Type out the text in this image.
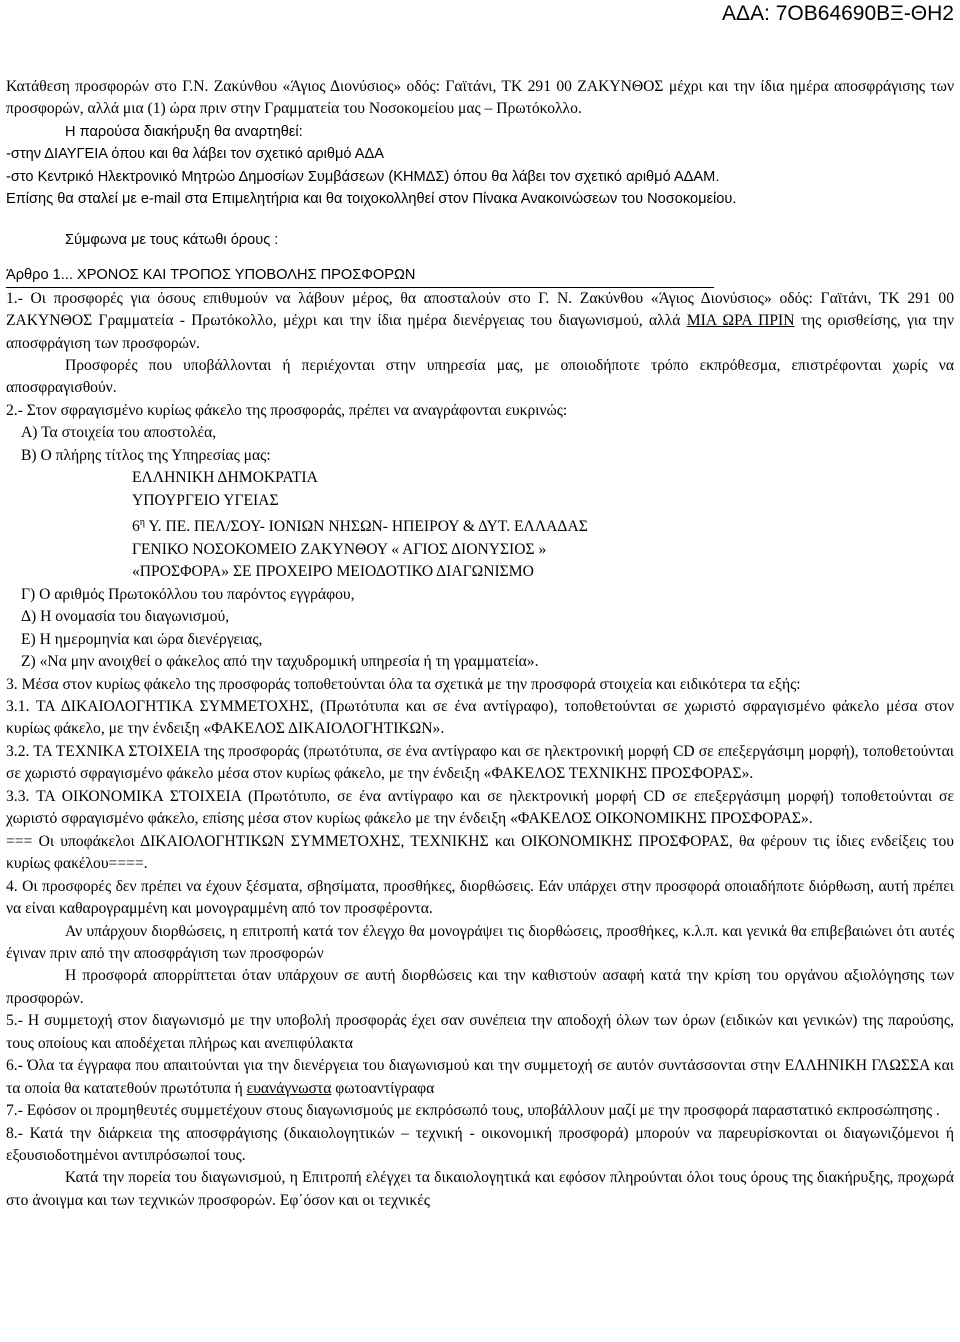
ΑΔΑ: 7ΟΒ64690ΒΞ-ΘΗ2

Κατάθεση προσφορών στο Γ.Ν. Ζακύνθου «Άγιος Διονύσιος» οδός: Γαϊτάνι, ΤΚ 291 00 ΖΑΚΥΝΘΟΣ μέχρι και την ίδια ημέρα αποσφράγισης των προσφορών, αλλά μια (1) ώρα πριν στην Γραμματεία του Νοσοκομείου μας – Πρωτόκολλο.

Η παρούσα διακήρυξη θα αναρτηθεί:

-στην ΔΙΑΥΓΕΙΑ όπου και θα λάβει τον σχετικό αριθμό ΑΔΑ

-στο Κεντρικό Ηλεκτρονικό Μητρώο Δημοσίων Συμβάσεων (ΚΗΜΔΣ) όπου θα λάβει τον σχετικό αριθμό ΑΔΑΜ.

Επίσης θα σταλεί με e-mail στα Επιμελητήρια και θα τοιχοκολληθεί στον Πίνακα Ανακοινώσεων του Νοσοκομείου.

Σύμφωνα με τους κάτωθι όρους :

Άρθρο 1... ΧΡΟΝΟΣ ΚΑΙ ΤΡΟΠΟΣ ΥΠΟΒΟΛΗΣ ΠΡΟΣΦΟΡΩΝ

1.- Οι προσφορές για όσους επιθυμούν να λάβουν μέρος, θα αποσταλούν στο Γ. Ν. Ζακύνθου «Άγιος Διονύσιος» οδός: Γαϊτάνι, ΤΚ 291 00 ΖΑΚΥΝΘΟΣ Γραμματεία - Πρωτόκολλο, μέχρι και την ίδια ημέρα διενέργειας του διαγωνισμού, αλλά ΜΙΑ ΩΡΑ ΠΡΙΝ της ορισθείσης, για την αποσφράγιση των προσφορών.

Προσφορές που υποβάλλονται ή περιέχονται στην υπηρεσία μας, με οποιοδήποτε τρόπο εκπρόθεσμα, επιστρέφονται χωρίς να αποσφραγισθούν.

2.- Στον σφραγισμένο κυρίως φάκελο της προσφοράς, πρέπει να αναγράφονται ευκρινώς:

Α) Τα στοιχεία του αποστολέα,

Β) Ο πλήρης τίτλος της Υπηρεσίας μας:

ΕΛΛΗΝΙΚΗ ΔΗΜΟΚΡΑΤΙΑ

ΥΠΟΥΡΓΕΙΟ ΥΓΕΙΑΣ

$6^\eta$ Υ. ΠΕ. ΠΕΛ/ΣΟΥ- ΙΟΝΙΩΝ ΝΗΣΩΝ- ΗΠΕΙΡΟΥ & ΔΥΤ. ΕΛΛΑΔΑΣ

ΓΕΝΙΚΟ ΝΟΣΟΚΟΜΕΙΟ ΖΑΚΥΝΘΟΥ « ΑΓΙΟΣ ΔΙΟΝΥΣΙΟΣ »

«ΠΡΟΣΦΟΡΑ» ΣΕ ΠΡΟΧΕΙΡΟ ΜΕΙΟΔΟΤΙΚΟ ΔΙΑΓΩΝΙΣΜΟ

Γ) Ο αριθμός Πρωτοκόλλου του παρόντος εγγράφου,

Δ) Η ονομασία του διαγωνισμού,

Ε) Η ημερομηνία και ώρα διενέργειας,

Ζ) «Να μην ανοιχθεί ο φάκελος από την ταχυδρομική υπηρεσία ή τη γραμματεία».

3. Μέσα στον κυρίως φάκελο της προσφοράς τοποθετούνται όλα τα σχετικά με την προσφορά στοιχεία και ειδικότερα τα εξής:

3.1. ΤΑ ΔΙΚΑΙΟΛΟΓΗΤΙΚΑ ΣΥΜΜΕΤΟΧΗΣ, (Πρωτότυπα και σε ένα αντίγραφο), τοποθετούνται σε χωριστό σφραγισμένο φάκελο μέσα στον κυρίως φάκελο, με την ένδειξη «ΦΑΚΕΛΟΣ ΔΙΚΑΙΟΛΟΓΗΤΙΚΩΝ».

3.2. ΤΑ ΤΕΧΝΙΚΑ ΣΤΟΙΧΕΙΑ της προσφοράς (πρωτότυπα, σε ένα αντίγραφο και σε ηλεκτρονική μορφή CD σε επεξεργάσιμη μορφή), τοποθετούνται σε χωριστό σφραγισμένο φάκελο μέσα στον κυρίως φάκελο, με την ένδειξη «ΦΑΚΕΛΟΣ ΤΕΧΝΙΚΗΣ ΠΡΟΣΦΟΡΑΣ».

3.3. ΤΑ ΟΙΚΟΝΟΜΙΚΑ ΣΤΟΙΧΕΙΑ (Πρωτότυπο, σε ένα αντίγραφο και σε ηλεκτρονική μορφή CD σε επεξεργάσιμη μορφή) τοποθετούνται σε χωριστό σφραγισμένο φάκελο, επίσης μέσα στον κυρίως φάκελο με την ένδειξη «ΦΑΚΕΛΟΣ ΟΙΚΟΝΟΜΙΚΗΣ ΠΡΟΣΦΟΡΑΣ».

=== Οι υποφάκελοι ΔΙΚΑΙΟΛΟΓΗΤΙΚΩΝ ΣΥΜΜΕΤΟΧΗΣ, ΤΕΧΝΙΚΗΣ και ΟΙΚΟΝΟΜΙΚΗΣ ΠΡΟΣΦΟΡΑΣ, θα φέρουν τις ίδιες ενδείξεις του κυρίως φακέλου====.

4. Οι προσφορές δεν πρέπει να έχουν ξέσματα, σβησίματα, προσθήκες, διορθώσεις. Εάν υπάρχει στην προσφορά οποιαδήποτε διόρθωση, αυτή πρέπει να είναι καθαρογραμμένη και μονογραμμένη από τον προσφέροντα.

Αν υπάρχουν διορθώσεις, η επιτροπή κατά τον έλεγχο θα μονογράψει τις διορθώσεις, προσθήκες, κ.λ.π. και γενικά θα επιβεβαιώνει ότι αυτές έγιναν πριν από την αποσφράγιση των προσφορών

Η προσφορά απορρίπτεται όταν υπάρχουν σε αυτή διορθώσεις και την καθιστούν ασαφή κατά την κρίση του οργάνου αξιολόγησης των προσφορών.

5.- Η συμμετοχή στον διαγωνισμό με την υποβολή προσφοράς έχει σαν συνέπεια την αποδοχή όλων των όρων (ειδικών και γενικών) της παρούσης, τους οποίους και αποδέχεται πλήρως και ανεπιφύλακτα

6.- Όλα τα έγγραφα που απαιτούνται για την διενέργεια του διαγωνισμού και την συμμετοχή σε αυτόν συντάσσονται στην ΕΛΛΗΝΙΚΗ ΓΛΩΣΣΑ και τα οποία θα κατατεθούν πρωτότυπα ή ευανάγνωστα φωτοαντίγραφα

7.- Εφόσον οι προμηθευτές συμμετέχουν στους διαγωνισμούς με εκπρόσωπό τους, υποβάλλουν μαζί με την προσφορά παραστατικό εκπροσώπησης .

8.- Κατά την διάρκεια της αποσφράγισης (δικαιολογητικών – τεχνική - οικονομική προσφορά) μπορούν να παρευρίσκονται οι διαγωνιζόμενοι ή εξουσιοδοτημένοι αντιπρόσωποί τους.

Κατά την πορεία του διαγωνισμού, η Επιτροπή ελέγχει τα δικαιολογητικά και εφόσον πληρούνται όλοι τους όρους της διακήρυξης, προχωρά στο άνοιγμα και των τεχνικών προσφορών. Εφ΄όσον και οι τεχνικές
